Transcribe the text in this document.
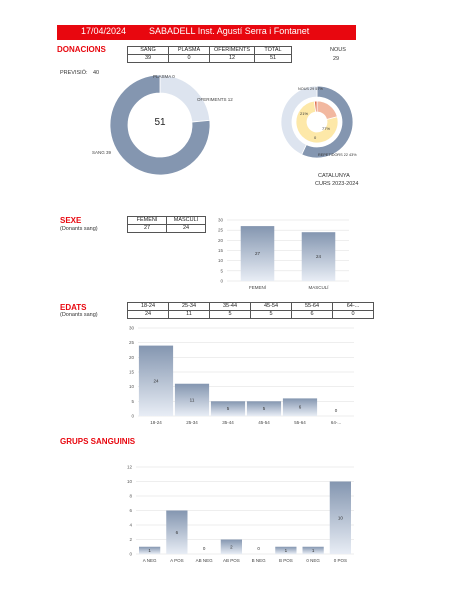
17/04/2024	SABADELL Inst. Agustí Serra i Fontanet
DONACIONS	SANG	PLASMA	OFERIMENTS	TOTAL
39	0	12	51
NOUS
29
PREVISIÓ: 40
51
PLASMA 0
OFERIMENTS 12
SANG 39
NOUS 29 57%
REPETIDORS 22 43%
21%
77%
0
CATALUNYA
CURS 2023-2024
SEXE
(Donants sang)
FEMENÍ	MASCULÍ
27	24
0
5
10
15
20
25
30
27
FEMENÍ
24
MASCULÍ
EDATS
(Donants sang)
18-24	25-34	35-44	45-54	55-64	64-...
24	11	5	5	6	0
0
5
10
15
20
25
30
24
18-24
11
25-34
5
35-44
5
45-54
6
55-64
0
64-...
GRUPS SANGUINIS
0
2
4
6
8
10
12
1
A NEG
6
A POS
0
AB NEG
2
AB POS
0
B NEG
1
B POS
1
0 NEG
10
0 POS
